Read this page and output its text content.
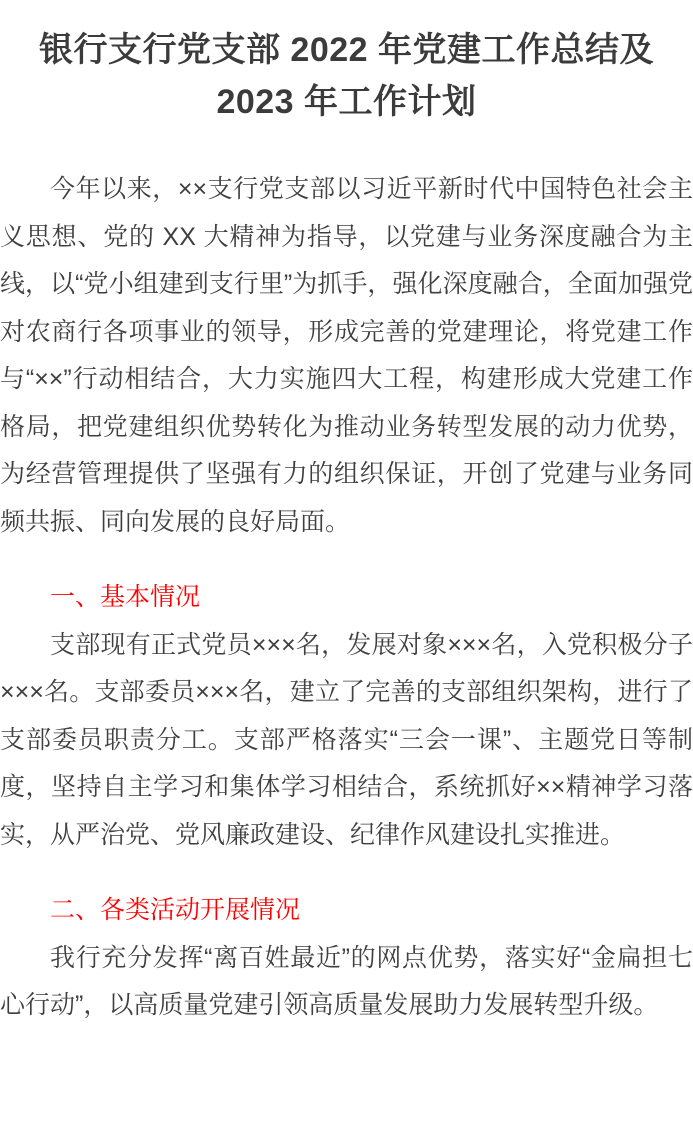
银行支行党支部 2022 年党建工作总结及
2023 年工作计划

今年以来，××支行党支部以习近平新时代中国特色社会主义思想、党的 XX 大精神为指导，以党建与业务深度融合为主线，以“党小组建到支行里”为抓手，强化深度融合，全面加强党对农商行各项事业的领导，形成完善的党建理论，将党建工作与“××”行动相结合，大力实施四大工程，构建形成大党建工作格局，把党建组织优势转化为推动业务转型发展的动力优势，为经营管理提供了坚强有力的组织保证，开创了党建与业务同频共振、同向发展的良好局面。

一、基本情况

支部现有正式党员×××名，发展对象×××名，入党积极分子×××名。支部委员×××名，建立了完善的支部组织架构，进行了支部委员职责分工。支部严格落实“三会一课”、主题党日等制度，坚持自主学习和集体学习相结合，系统抓好××精神学习落实，从严治党、党风廉政建设、纪律作风建设扎实推进。

二、各类活动开展情况

我行充分发挥“离百姓最近”的网点优势，落实好“金扁担七心行动”，以高质量党建引领高质量发展助力发展转型升级。
